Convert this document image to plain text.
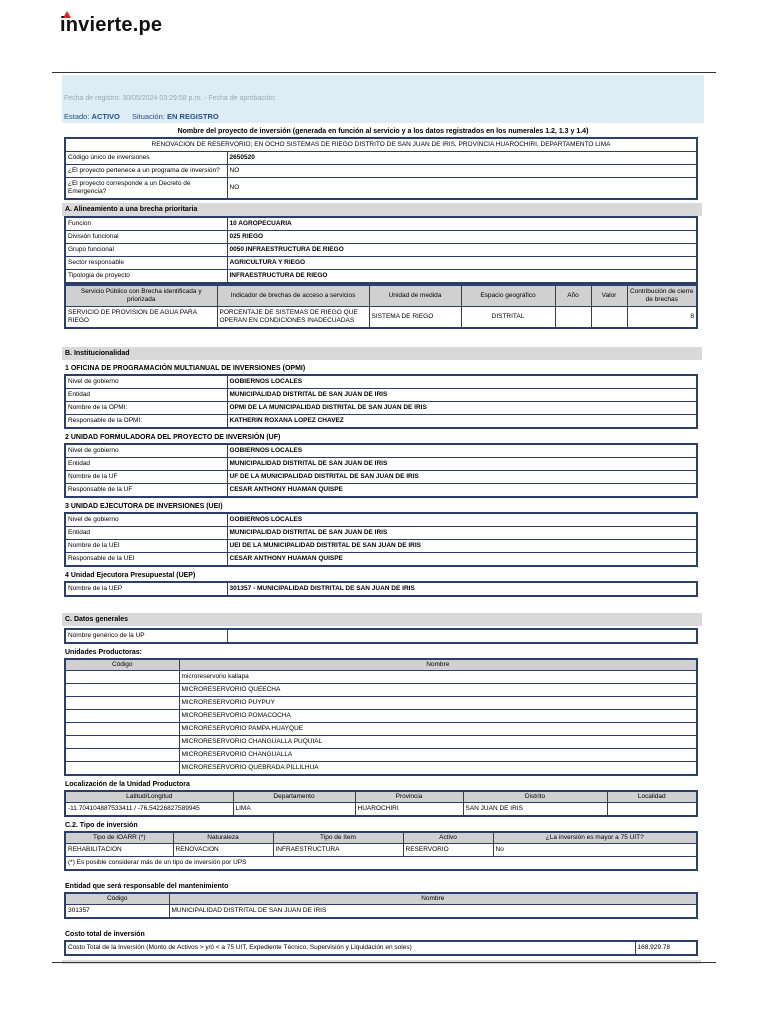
invierte.pe
Fecha de registro: 30/05/2024 03:29:58 p.m. - Fecha de aprobación:
Estado: ACTIVO Situación: EN REGISTRO
Nombre del proyecto de inversión (generada en función al servicio y a los datos registrados en los numerales 1.2, 1.3 y 1.4)
RENOVACION DE RESERVORIO; EN OCHO SISTEMAS DE RIEGO DISTRITO DE SAN JUAN DE IRIS, PROVINCIA HUAROCHIRI, DEPARTAMENTO LIMA	
Código único de inversiones	2650520
¿El proyecto pertenece a un programa de inversión?	NO
¿El proyecto corresponde a un Decreto de Emergencia?	NO
A. Alineamiento a una brecha prioritaria
Funcion	10 AGROPECUARIA
División funcional	025 RIEGO
Grupo funcional	0050 INFRAESTRUCTURA DE RIEGO
Sector responsable	AGRICULTURA Y RIEGO
Tipologia de proyecto	INFRAESTRUCTURA DE RIEGO
Servicio Público con Brecha identificada y priorizada	Indicador de brechas de acceso a servicios	Unidad de medida	Espacio geográfico	Año	Valor	Contribución de cierre de brechas
SERVICIO DE PROVISION DE AGUA PARA RIEGO	PORCENTAJE DE SISTEMAS DE RIEGO QUE OPERAN EN CONDICIONES INADECUADAS	SISTEMA DE RIEGO	DISTRITAL			8
B. Institucionalidad
1 OFICINA DE PROGRAMACIÓN MULTIANUAL DE INVERSIONES (OPMI)
Nivel de gobierno	GOBIERNOS LOCALES
Entidad	MUNICIPALIDAD DISTRITAL DE SAN JUAN DE IRIS
Nombre de la OPMI:	OPMI DE LA MUNICIPALIDAD DISTRITAL DE SAN JUAN DE IRIS
Responsable de la OPMI:	KATHERIN ROXANA LOPEZ CHAVEZ
2 UNIDAD FORMULADORA DEL PROYECTO DE INVERSIÓN (UF)
Nivel de gobierno	GOBIERNOS LOCALES
Entidad	MUNICIPALIDAD DISTRITAL DE SAN JUAN DE IRIS
Nombre de la UF	UF DE LA MUNICIPALIDAD DISTRITAL DE SAN JUAN DE IRIS
Responsable de la UF	CESAR ANTHONY HUAMAN QUISPE
3 UNIDAD EJECUTORA DE INVERSIONES (UEI)
Nivel de gobierno	GOBIERNOS LOCALES
Entidad	MUNICIPALIDAD DISTRITAL DE SAN JUAN DE IRIS
Nombre de la UEI	UEI DE LA MUNICIPALIDAD DISTRITAL DE SAN JUAN DE IRIS
Responsable de la UEI	CESAR ANTHONY HUAMAN QUISPE
4 Unidad Ejecutora Presupuestal (UEP)
Nombre de la UEP	301357 - MUNICIPALIDAD DISTRITAL DE SAN JUAN DE IRIS
C. Datos generales
Nombre genérico de la UP	
Unidades Productoras:
Código	Nombre
	microreservorio kallapa
	MICRORESERVORIO QUEECHA
	MICRORESERVORIO PUYPUY
	MICRORESERVORIO POMACOCHA
	MICRORESERVORIO PAMPA HUAYQUE
	MICRORESERVORIO CHANGUALLA PUQUIAL
	MICRORESERVORIO CHANGUALLA
	MICRORESERVORIO QUEBRADA PILLILHUA
Localización de la Unidad Productora
Latitud/Longitud	Departamento	Provincia	Distrito	Localidad
-11.704104887533411 / -76.54226827589945	LIMA	HUAROCHIRI	SAN JUAN DE IRIS	
C.2. Tipo de inversión
Tipo de IOARR (*)	Naturaleza	Tipo de ítem	Activo	¿La inversión es mayor a 75 UIT?
REHABILITACION	RENOVACION	INFRAESTRUCTURA	RESERVORIO	No
(*) Es posible considerar más de un tipo de inversión por UPS				
Entidad que será responsable del mantenimiento
Código	Nombre
301357	MUNICIPALIDAD DISTRITAL DE SAN JUAN DE IRIS
Costo total de inversión
Costo Total de la Inversión (Monto de Activos > y/ó < a 75 UIT, Expediente Técnico, Supervisión y Liquidación en soles)	168,929.78
